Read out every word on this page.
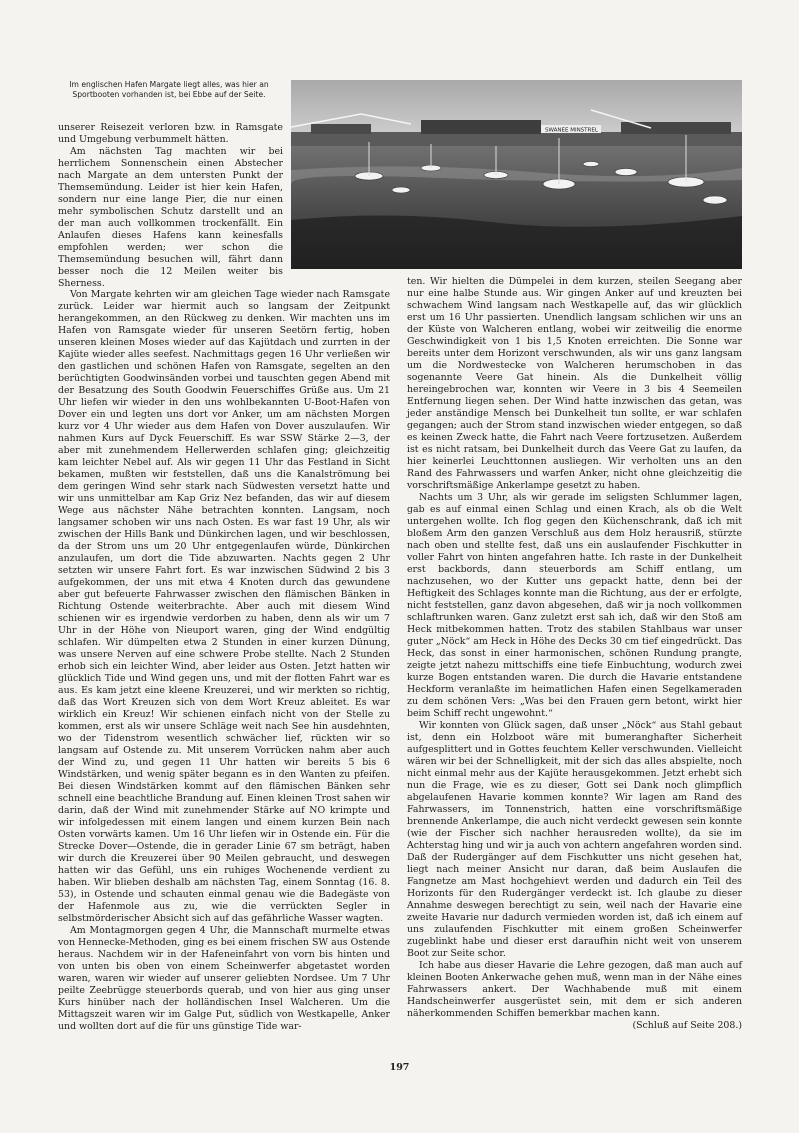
Im englischen Hafen Margate liegt alles, was hier an Sportbooten vorhanden ist, bei Ebbe auf der Seite.
SWANEE MINSTREL

unserer Reisezeit verloren bzw. in Ramsgate und Umgebung verbummelt hätten.

Am nächsten Tag machten wir bei herrlichem Sonnenschein einen Abstecher nach Margate an dem untersten Punkt der Themsemündung. Leider ist hier kein Hafen, sondern nur eine lange Pier, die nur einen mehr symbolischen Schutz darstellt und an der man auch vollkommen trockenfällt. Ein Anlaufen dieses Hafens kann keinesfalls empfohlen werden; wer schon die Themsemündung besuchen will, fährt dann besser noch die 12 Meilen weiter bis Sherness.

Von Margate kehrten wir am gleichen Tage wieder nach Ramsgate zurück. Leider war hiermit auch so langsam der Zeitpunkt herangekommen, an den Rückweg zu denken. Wir machten uns im Hafen von Ramsgate wieder für unseren Seetörn fertig, hoben unseren kleinen Moses wieder auf das Kajütdach und zurrten in der Kajüte wieder alles seefest. Nachmittags gegen 16 Uhr verließen wir den gastlichen und schönen Hafen von Ramsgate, segelten an den berüchtigten Goodwinsänden vorbei und tauschten gegen Abend mit der Besatzung des South Goodwin Feuerschiffes Grüße aus. Um 21 Uhr liefen wir wieder in den uns wohlbekannten U-Boot-Hafen von Dover ein und legten uns dort vor Anker, um am nächsten Morgen kurz vor 4 Uhr wieder aus dem Hafen von Dover auszulaufen. Wir nahmen Kurs auf Dyck Feuerschiff. Es war SSW Stärke 2—3, der aber mit zunehmendem Hellerwerden schlafen ging; gleichzeitig kam leichter Nebel auf. Als wir gegen 11 Uhr das Festland in Sicht bekamen, mußten wir feststellen, daß uns die Kanalströmung bei dem geringen Wind sehr stark nach Südwesten versetzt hatte und wir uns unmittelbar am Kap Griz Nez befanden, das wir auf diesem Wege aus nächster Nähe betrachten konnten. Langsam, noch langsamer schoben wir uns nach Osten. Es war fast 19 Uhr, als wir zwischen der Hills Bank und Dünkirchen lagen, und wir beschlossen, da der Strom uns um 20 Uhr entgegenlaufen würde, Dünkirchen anzulaufen, um dort die Tide abzuwarten. Nachts gegen 2 Uhr setzten wir unsere Fahrt fort. Es war inzwischen Südwind 2 bis 3 aufgekommen, der uns mit etwa 4 Knoten durch das gewundene aber gut befeuerte Fahrwasser zwischen den flämischen Bänken in Richtung Ostende weiterbrachte. Aber auch mit diesem Wind schienen wir es irgendwie verdorben zu haben, denn als wir um 7 Uhr in der Höhe von Nieuport waren, ging der Wind endgültig schlafen. Wir dümpelten etwa 2 Stunden in einer kurzen Dünung, was unsere Nerven auf eine schwere Probe stellte. Nach 2 Stunden erhob sich ein leichter Wind, aber leider aus Osten. Jetzt hatten wir glücklich Tide und Wind gegen uns, und mit der flotten Fahrt war es aus. Es kam jetzt eine kleene Kreuzerei, und wir merkten so richtig, daß das Wort Kreuzen sich von dem Wort Kreuz ableitet. Es war wirklich ein Kreuz! Wir schienen einfach nicht von der Stelle zu kommen, erst als wir unsere Schläge weit nach See hin ausdehnten, wo der Tidenstrom wesentlich schwächer lief, rückten wir so langsam auf Ostende zu. Mit unserem Vorrücken nahm aber auch der Wind zu, und gegen 11 Uhr hatten wir bereits 5 bis 6 Windstärken, und wenig später begann es in den Wanten zu pfeifen. Bei diesen Windstärken kommt auf den flämischen Bänken sehr schnell eine beachtliche Brandung auf. Einen kleinen Trost sahen wir darin, daß der Wind mit zunehmender Stärke auf NO krimpte und wir infolgedessen mit einem langen und einem kurzen Bein nach Osten vorwärts kamen. Um 16 Uhr liefen wir in Ostende ein. Für die Strecke Dover—Ostende, die in gerader Linie 67 sm beträgt, haben wir durch die Kreuzerei über 90 Meilen gebraucht, und deswegen hatten wir das Gefühl, uns ein ruhiges Wochenende verdient zu haben. Wir blieben deshalb am nächsten Tag, einem Sonntag (16. 8. 53), in Ostende und schauten einmal genau wie die Badegäste von der Hafenmole aus zu, wie die verrückten Segler in selbstmörderischer Absicht sich auf das gefährliche Wasser wagten.

Am Montagmorgen gegen 4 Uhr, die Mannschaft murmelte etwas von Hennecke-Methoden, ging es bei einem frischen SW aus Ostende heraus. Nachdem wir in der Hafeneinfahrt von vorn bis hinten und von unten bis oben von einem Scheinwerfer abgetastet worden waren, waren wir wieder auf unserer geliebten Nordsee. Um 7 Uhr peilte Zeebrügge steuerbords querab, und von hier aus ging unser Kurs hinüber nach der holländischen Insel Walcheren. Um die Mittagszeit waren wir im Galge Put, südlich von Westkapelle, Anker und wollten dort auf die für uns günstige Tide war-

ten. Wir hielten die Dümpelei in dem kurzen, steilen Seegang aber nur eine halbe Stunde aus. Wir gingen Anker auf und kreuzten bei schwachem Wind langsam nach Westkapelle auf, das wir glücklich erst um 16 Uhr passierten. Unendlich langsam schlichen wir uns an der Küste von Walcheren entlang, wobei wir zeitweilig die enorme Geschwindigkeit von 1 bis 1,5 Knoten erreichten. Die Sonne war bereits unter dem Horizont verschwunden, als wir uns ganz langsam um die Nordwestecke von Walcheren herumschoben in das sogenannte Veere Gat hinein. Als die Dunkelheit völlig hereingebrochen war, konnten wir Veere in 3 bis 4 Seemeilen Entfernung liegen sehen. Der Wind hatte inzwischen das getan, was jeder anständige Mensch bei Dunkelheit tun sollte, er war schlafen gegangen; auch der Strom stand inzwischen wieder entgegen, so daß es keinen Zweck hatte, die Fahrt nach Veere fortzusetzen. Außerdem ist es nicht ratsam, bei Dunkelheit durch das Veere Gat zu laufen, da hier keinerlei Leuchttonnen ausliegen. Wir verholten uns an den Rand des Fahrwassers und warfen Anker, nicht ohne gleichzeitig die vorschriftsmäßige Ankerlampe gesetzt zu haben.

Nachts um 3 Uhr, als wir gerade im seligsten Schlummer lagen, gab es auf einmal einen Schlag und einen Krach, als ob die Welt untergehen wollte. Ich flog gegen den Küchenschrank, daß ich mit bloßem Arm den ganzen Verschluß aus dem Holz herausriß, stürzte nach oben und stellte fest, daß uns ein auslaufender Fischkutter in voller Fahrt von hinten angefahren hatte. Ich raste in der Dunkelheit erst backbords, dann steuerbords am Schiff entlang, um nachzusehen, wo der Kutter uns gepackt hatte, denn bei der Heftigkeit des Schlages konnte man die Richtung, aus der er erfolgte, nicht feststellen, ganz davon abgesehen, daß wir ja noch vollkommen schlaftrunken waren. Ganz zuletzt erst sah ich, daß wir den Stoß am Heck mitbekommen hatten. Trotz des stabilen Stahlbaus war unser guter „Nöck“ am Heck in Höhe des Decks 30 cm tief eingedrückt. Das Heck, das sonst in einer harmonischen, schönen Rundung prangte, zeigte jetzt nahezu mittschiffs eine tiefe Einbuchtung, wodurch zwei kurze Bogen entstanden waren. Die durch die Havarie entstandene Heckform veranlaßte im heimatlichen Hafen einen Segelkameraden zu dem schönen Vers: „Was bei den Frauen gern betont, wirkt hier beim Schiff recht ungewohnt.“

Wir konnten von Glück sagen, daß unser „Nöck“ aus Stahl gebaut ist, denn ein Holzboot wäre mit bumeranghafter Sicherheit aufgesplittert und in Gottes feuchtem Keller verschwunden. Vielleicht wären wir bei der Schnelligkeit, mit der sich das alles abspielte, noch nicht einmal mehr aus der Kajüte herausgekommen. Jetzt erhebt sich nun die Frage, wie es zu dieser, Gott sei Dank noch glimpflich abgelaufenen Havarie kommen konnte? Wir lagen am Rand des Fahrwassers, im Tonnenstrich, hatten eine vorschriftsmäßige brennende Ankerlampe, die auch nicht verdeckt gewesen sein konnte (wie der Fischer sich nachher herausreden wollte), da sie im Achterstag hing und wir ja auch von achtern angefahren worden sind. Daß der Rudergänger auf dem Fischkutter uns nicht gesehen hat, liegt nach meiner Ansicht nur daran, daß beim Auslaufen die Fangnetze am Mast hochgehievt werden und dadurch ein Teil des Horizonts für den Rudergänger verdeckt ist. Ich glaube zu dieser Annahme deswegen berechtigt zu sein, weil nach der Havarie eine zweite Havarie nur dadurch vermieden worden ist, daß ich einem auf uns zulaufenden Fischkutter mit einem großen Scheinwerfer zugeblinkt habe und dieser erst daraufhin nicht weit von unserem Boot zur Seite schor.

Ich habe aus dieser Havarie die Lehre gezogen, daß man auch auf kleinen Booten Ankerwache gehen muß, wenn man in der Nähe eines Fahrwassers ankert. Der Wachhabende muß mit einem Handscheinwerfer ausgerüstet sein, mit dem er sich anderen näherkommenden Schiffen bemerkbar machen kann.

(Schluß auf Seite 208.)

197
